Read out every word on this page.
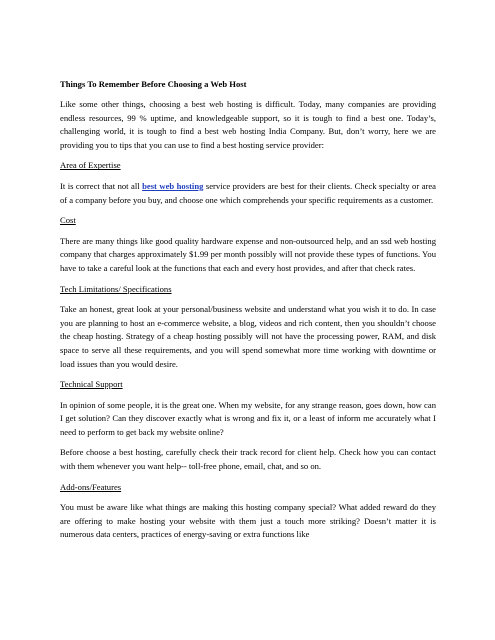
Things To Remember Before Choosing a Web Host

Like some other things, choosing a best web hosting is difficult. Today, many companies are providing endless resources, 99 % uptime, and knowledgeable support, so it is tough to find a best one. Today’s, challenging world, it is tough to find a best web hosting India Company. But, don’t worry, here we are providing you to tips that you can use to find a best hosting service provider:

Area of Expertise

It is correct that not all best web hosting service providers are best for their clients. Check specialty or area of a company before you buy, and choose one which comprehends your specific requirements as a customer.

Cost

There are many things like good quality hardware expense and non-outsourced help, and an ssd web hosting company that charges approximately $1.99 per month possibly will not provide these types of functions. You have to take a careful look at the functions that each and every host provides, and after that check rates.

Tech Limitations/ Specifications

Take an honest, great look at your personal/business website and understand what you wish it to do. In case you are planning to host an e-commerce website, a blog, videos and rich content, then you shouldn’t choose the cheap hosting. Strategy of a cheap hosting possibly will not have the processing power, RAM, and disk space to serve all these requirements, and you will spend somewhat more time working with downtime or load issues than you would desire.

Technical Support

In opinion of some people, it is the great one. When my website, for any strange reason, goes down, how can I get solution? Can they discover exactly what is wrong and fix it, or a least of inform me accurately what I need to perform to get back my website online?

Before choose a best hosting, carefully check their track record for client help. Check how you can contact with them whenever you want help-- toll-free phone, email, chat, and so on.

Add-ons/Features

You must be aware like what things are making this hosting company special? What added reward do they are offering to make hosting your website with them just a touch more striking? Doesn’t matter it is numerous data centers, practices of energy-saving or extra functions like
